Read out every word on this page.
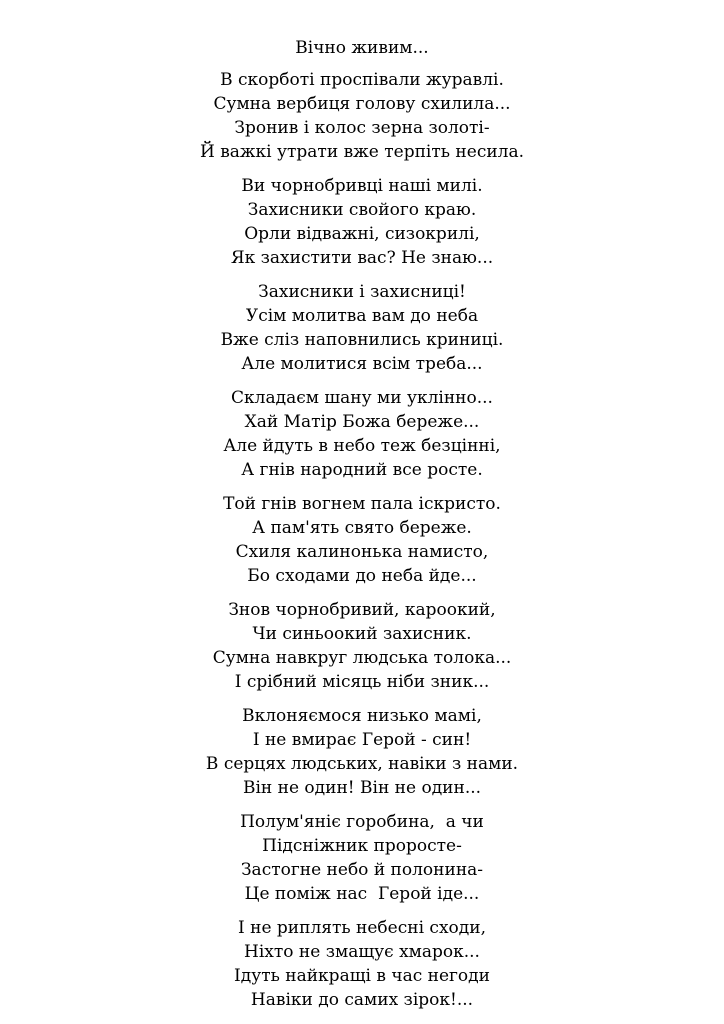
Вічно живим...
В скорботі проспівали журавлі.
Сумна вербиця голову схилила...
Зронив і колос зерна золоті-
Й важкі утрати вже терпіть несила.
Ви чорнобривці наші милі.
Захисники свойого краю.
Орли відважні, сизокрилі,
Як захистити вас? Не знаю...
Захисники і захисниці!
Усім молитва вам до неба
Вже сліз наповнились криниці.
Але молитися всім треба...
Складаєм шану ми уклінно...
Хай Матір Божа береже...
Але йдуть в небо теж безцінні,
А гнів народний все росте.
Той гнів вогнем пала іскристо.
А пам'ять свято береже.
Схиля калинонька намисто,
Бо сходами до неба йде...
Знов чорнобривий, кароокий,
Чи синьоокий захисник.
Сумна навкруг людська толока...
І срібний місяць ніби зник...
Вклоняємося низько мамі,
І не вмирає Герой - син!
В серцях людських, навіки з нами.
Він не один! Він не один...
Полум'яніє горобина,  а чи
Підсніжник проросте-
Застогне небо й полонина-
Це поміж нас  Герой іде...
І не риплять небесні сходи,
Ніхто не змащує хмарок...
Ідуть найкращі в час негоди
Навіки до самих зірок!...
